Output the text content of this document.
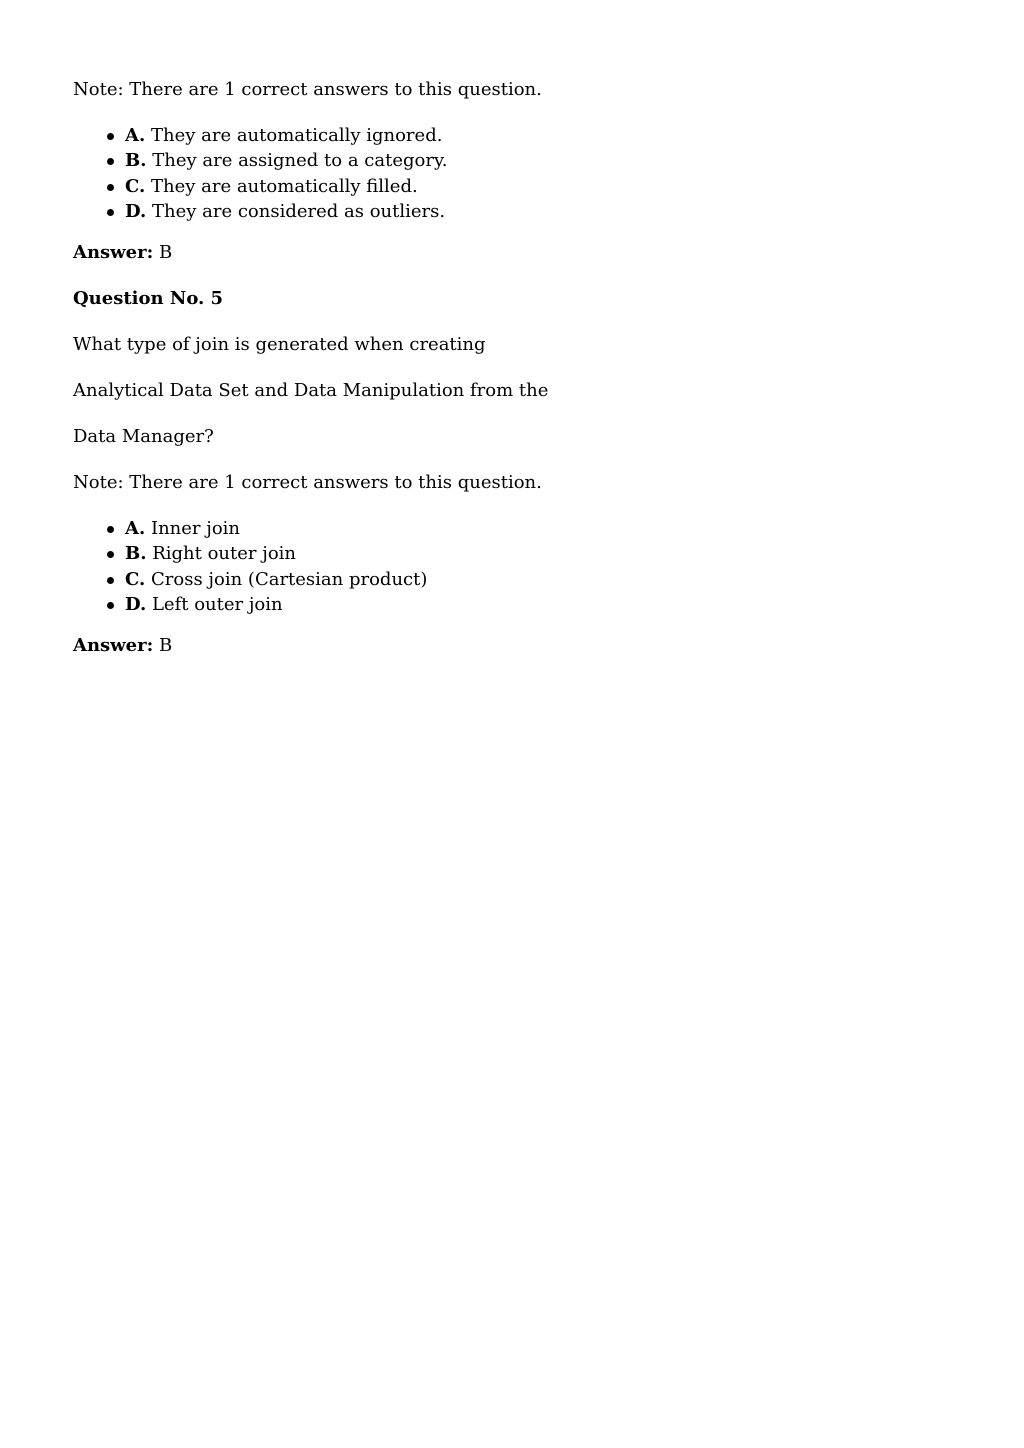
Note: There are 1 correct answers to this question.

A. They are automatically ignored.
B. They are assigned to a category.
C. They are automatically filled.
D. They are considered as outliers.

Answer: B

Question No. 5

What type of join is generated when creating

Analytical Data Set and Data Manipulation from the

Data Manager?

Note: There are 1 correct answers to this question.

A. Inner join
B. Right outer join
C. Cross join (Cartesian product)
D. Left outer join

Answer: B
